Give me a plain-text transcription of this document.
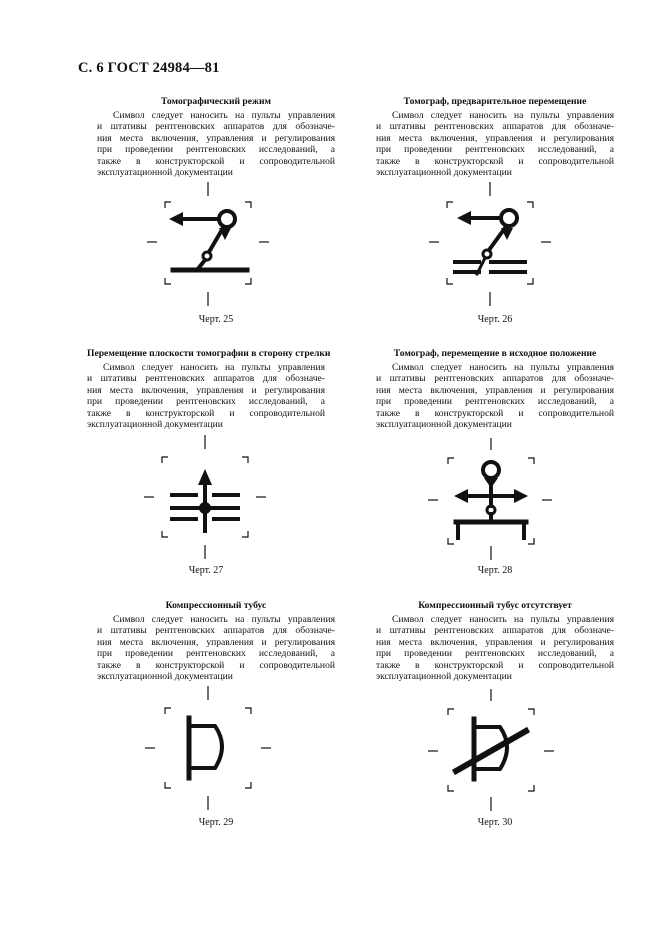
С. 6 ГОСТ 24984—81
Томографический режим
Символ следует наносить на пульты управления
и штативы рентгеновских аппаратов для обозначе-
ния места включения, управления и регулирования
при проведении рентгеновских исследований, а
также в конструкторской и сопроводительной
эксплуатационной документации
Черт. 25
Томограф, предварительное перемещение
Символ следует наносить на пульты управления
и штативы рентгеновских аппаратов для обозначе-
ния места включения, управления и регулирования
при проведении рентгеновских исследований, а
также в конструкторской и сопроводительной
эксплуатационной документации
Черт. 26
Перемещение плоскости томографии в сторону стрелки
Символ следует наносить на пульты управления
и штативы рентгеновских аппаратов для обозначе-
ния места включения, управления и регулирования
при проведении рентгеновских исследований, а
также в конструкторской и сопроводительной
эксплуатационной документации
Черт. 27
Томограф, перемещение в исходное положение
Символ следует наносить на пульты управления
и штативы рентгеновских аппаратов для обозначе-
ния места включения, управления и регулирования
при проведении рентгеновских исследований, а
также в конструкторской и сопроводительной
эксплуатационной документации
Черт. 28
Компрессионный тубус
Символ следует наносить на пульты управления
и штативы рентгеновских аппаратов для обозначе-
ния места включения, управления и регулирования
при проведении рентгеновских исследований, а
также в конструкторской и сопроводительной
эксплуатационной документации
Черт. 29
Компрессионный тубус отсутствует
Символ следует наносить на пульты управления
и штативы рентгеновских аппаратов для обозначе-
ния места включения, управления и регулирования
при проведении рентгеновских исследований, а
также в конструкторской и сопроводительной
эксплуатационной документации
Черт. 30
